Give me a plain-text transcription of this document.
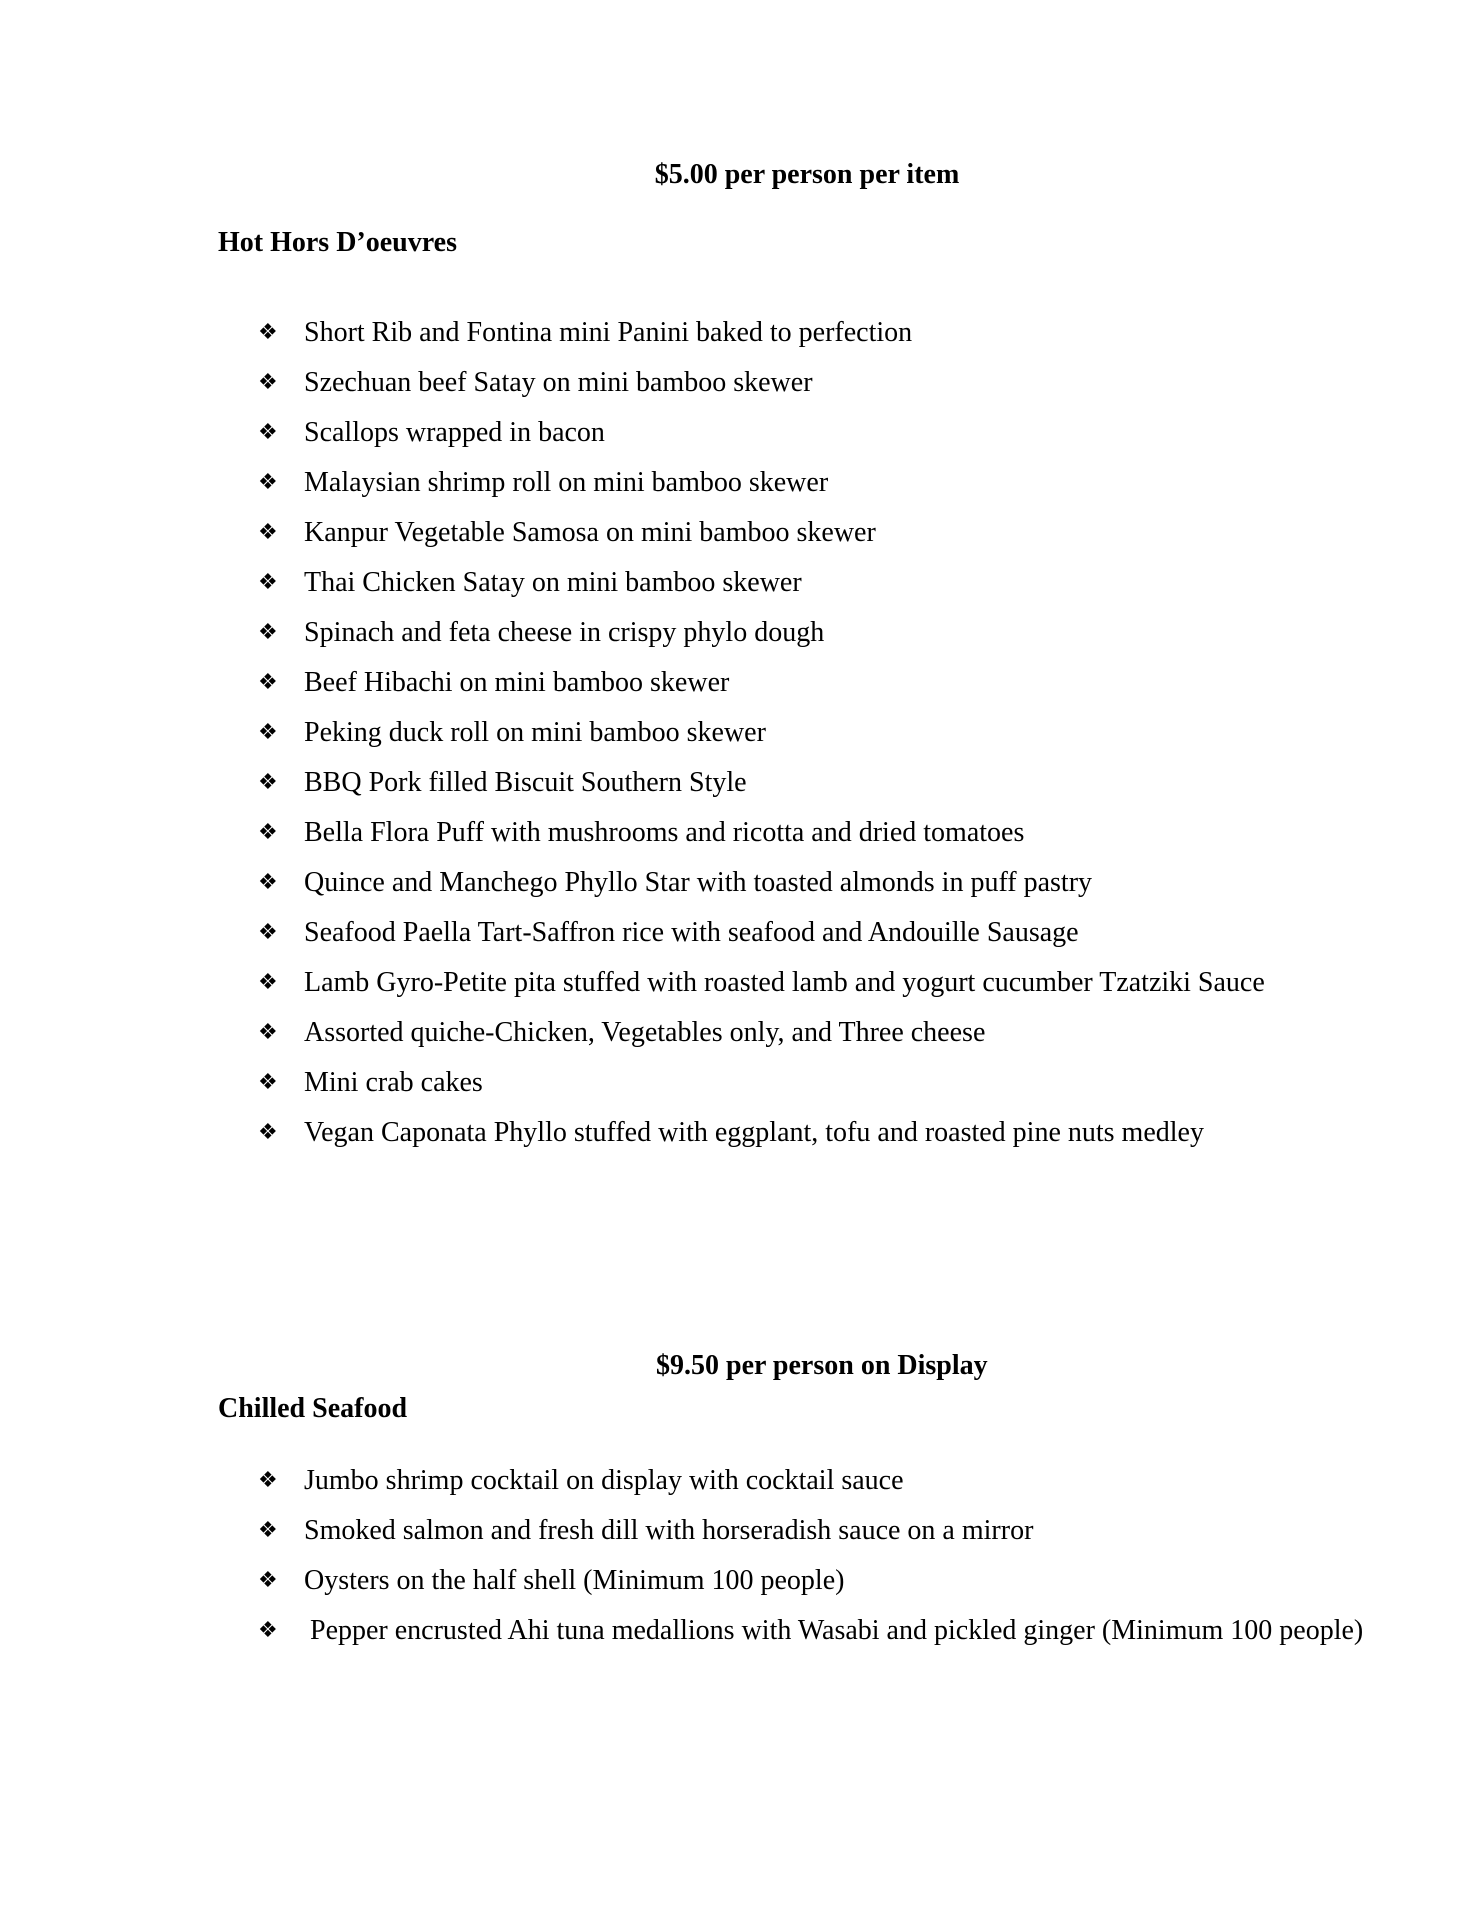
$5.00 per person per item
Hot Hors D’oeuvres
❖ Short Rib and Fontina mini Panini baked to perfection
❖ Szechuan beef Satay on mini bamboo skewer
❖ Scallops wrapped in bacon
❖ Malaysian shrimp roll on mini bamboo skewer
❖ Kanpur Vegetable Samosa on mini bamboo skewer
❖ Thai Chicken Satay on mini bamboo skewer
❖ Spinach and feta cheese in crispy phylo dough
❖ Beef Hibachi on mini bamboo skewer
❖ Peking duck roll on mini bamboo skewer
❖ BBQ Pork filled Biscuit Southern Style
❖ Bella Flora Puff with mushrooms and ricotta and dried tomatoes
❖ Quince and Manchego Phyllo Star with toasted almonds in puff pastry
❖ Seafood Paella Tart-Saffron rice with seafood and Andouille Sausage
❖ Lamb Gyro-Petite pita stuffed with roasted lamb and yogurt cucumber Tzatziki Sauce
❖ Assorted quiche-Chicken, Vegetables only, and Three cheese
❖ Mini crab cakes
❖ Vegan Caponata Phyllo stuffed with eggplant, tofu and roasted pine nuts medley
$9.50 per person on Display
Chilled Seafood
❖ Jumbo shrimp cocktail on display with cocktail sauce
❖ Smoked salmon and fresh dill with horseradish sauce on a mirror
❖ Oysters on the half shell (Minimum 100 people)
❖ Pepper encrusted Ahi tuna medallions with Wasabi and pickled ginger (Minimum 100 people)
